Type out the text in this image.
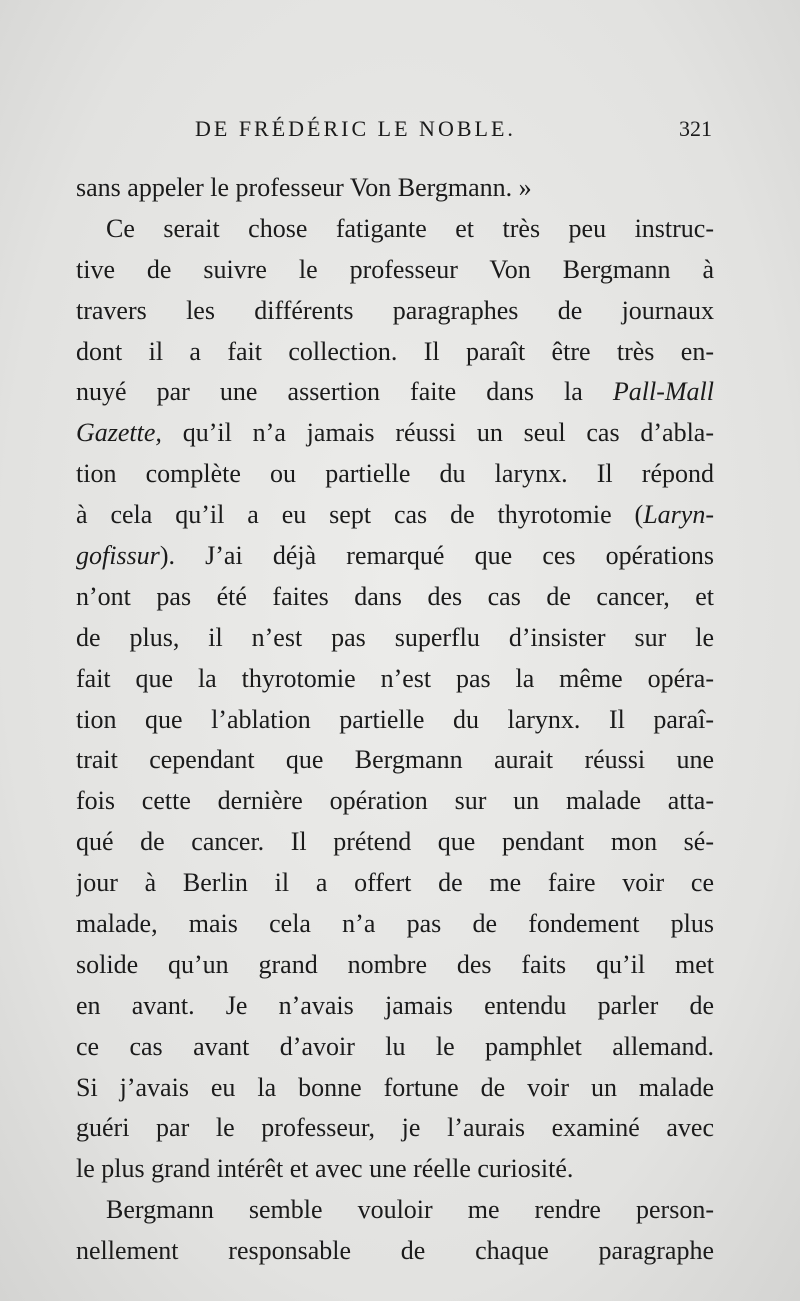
DE FRÉDÉRIC LE NOBLE.	321
sans appeler le professeur Von Bergmann. »
Ce serait chose fatigante et très peu instruc-
tive de suivre le professeur Von Bergmann à
travers les différents paragraphes de journaux
dont il a fait collection. Il paraît être très en-
nuyé par une assertion faite dans la Pall-Mall
Gazette, qu’il n’a jamais réussi un seul cas d’abla-
tion complète ou partielle du larynx. Il répond
à cela qu’il a eu sept cas de thyrotomie (Laryn-
gofissur). J’ai déjà remarqué que ces opérations
n’ont pas été faites dans des cas de cancer, et
de plus, il n’est pas superflu d’insister sur le
fait que la thyrotomie n’est pas la même opéra-
tion que l’ablation partielle du larynx. Il paraî-
trait cependant que Bergmann aurait réussi une
fois cette dernière opération sur un malade atta-
qué de cancer. Il prétend que pendant mon sé-
jour à Berlin il a offert de me faire voir ce
malade, mais cela n’a pas de fondement plus
solide qu’un grand nombre des faits qu’il met
en avant. Je n’avais jamais entendu parler de
ce cas avant d’avoir lu le pamphlet allemand.
Si j’avais eu la bonne fortune de voir un malade
guéri par le professeur, je l’aurais examiné avec
le plus grand intérêt et avec une réelle curiosité.
Bergmann semble vouloir me rendre person-
nellement responsable de chaque paragraphe
